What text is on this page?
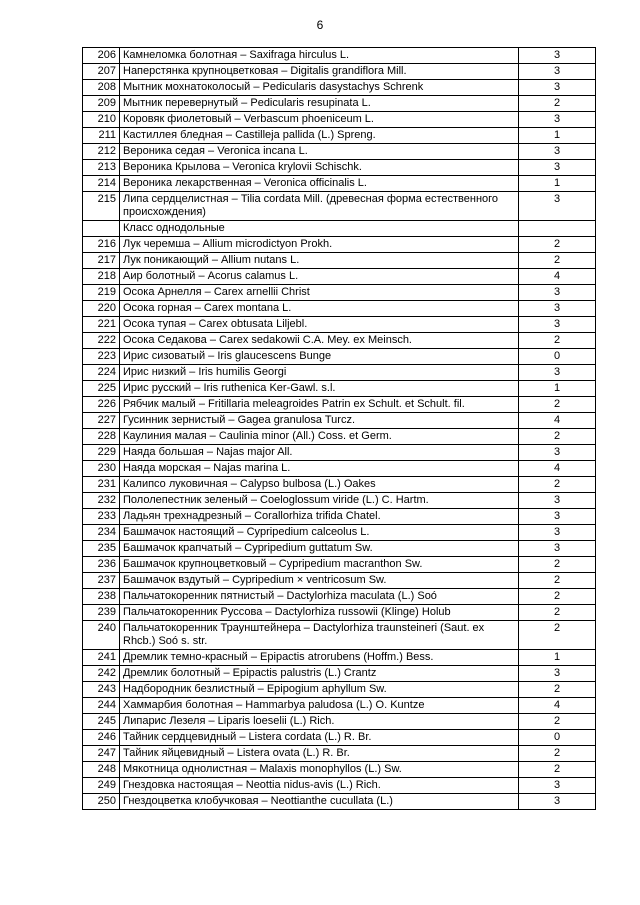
6
206	Камнеломка болотная – Saxifraga hirculus L.	3
207	Наперстянка крупноцветковая – Digitalis grandiflora Mill.	3
208	Мытник мохнатоколосый – Pedicularis dasystachys Schrenk	3
209	Мытник перевернутый – Pedicularis resupinata L.	2
210	Коровяк фиолетовый – Verbascum phoeniceum L.	3
211	Кастиллея бледная – Castilleja pallida (L.) Spreng.	1
212	Вероника седая – Veronica incana L.	3
213	Вероника Крылова – Veronica krylovii Schischk.	3
214	Вероника лекарственная – Veronica officinalis L.	1
215	Липа сердцелистная – Tilia cordata Mill. (древесная форма естественного происхождения)	3
	Класс однодольные	
216	Лук черемша – Allium microdictyon Prokh.	2
217	Лук поникающий – Allium nutans L.	2
218	Аир болотный – Acorus calamus L.	4
219	Осока Арнелля – Carex arnellii Christ	3
220	Осока горная – Carex montana L.	3
221	Осока тупая – Carex obtusata Liljebl.	3
222	Осока Седакова – Carex sedakowii C.A. Mey. ex Meinsch.	2
223	Ирис сизоватый – Iris glaucescens Bunge	0
224	Ирис низкий – Iris humilis Georgi	3
225	Ирис русский – Iris ruthenica Ker-Gawl. s.l.	1
226	Рябчик малый – Fritillaria meleagroides Patrin ex Schult. et Schult. fil.	2
227	Гусинник зернистый – Gagea granulosa Turcz.	4
228	Каулиния малая – Caulinia minor (All.) Coss. et Germ.	2
229	Наяда большая – Najas major All.	3
230	Наяда морская – Najas marina L.	4
231	Калипсо луковичная – Calypso bulbosa (L.) Oakes	2
232	Пололепестник зеленый – Coeloglossum viride (L.) C. Hartm.	3
233	Ладьян трехнадрезный – Corallorhiza trifida Chatel.	3
234	Башмачок настоящий – Cypripedium calceolus L.	3
235	Башмачок крапчатый – Cypripedium guttatum Sw.	3
236	Башмачок крупноцветковый – Cypripedium macranthon Sw.	2
237	Башмачок вздутый – Cypripedium × ventricosum Sw.	2
238	Пальчатокоренник пятнистый – Dactylorhiza maculata (L.) Soó	2
239	Пальчатокоренник Руссова – Dactylorhiza russowii (Klinge) Holub	2
240	Пальчатокоренник Траунштейнера – Dactylorhiza traunsteineri (Saut. ex Rhcb.) Soó s. str.	2
241	Дремлик темно-красный – Epipactis atrorubens (Hoffm.) Bess.	1
242	Дремлик болотный – Epipactis palustris (L.) Crantz	3
243	Надбородник безлистный – Epipogium aphyllum Sw.	2
244	Хаммарбия болотная – Hammarbya paludosa (L.) O. Kuntze	4
245	Липарис Лезеля – Liparis loeselii (L.) Rich.	2
246	Тайник сердцевидный – Listera cordata (L.) R. Br.	0
247	Тайник яйцевидный – Listera ovata (L.) R. Br.	2
248	Мякотница однолистная – Malaxis monophyllos (L.) Sw.	2
249	Гнездовка настоящая – Neottia nidus-avis (L.) Rich.	3
250	Гнездоцветка клобучковая – Neottianthe cucullata (L.)	3
